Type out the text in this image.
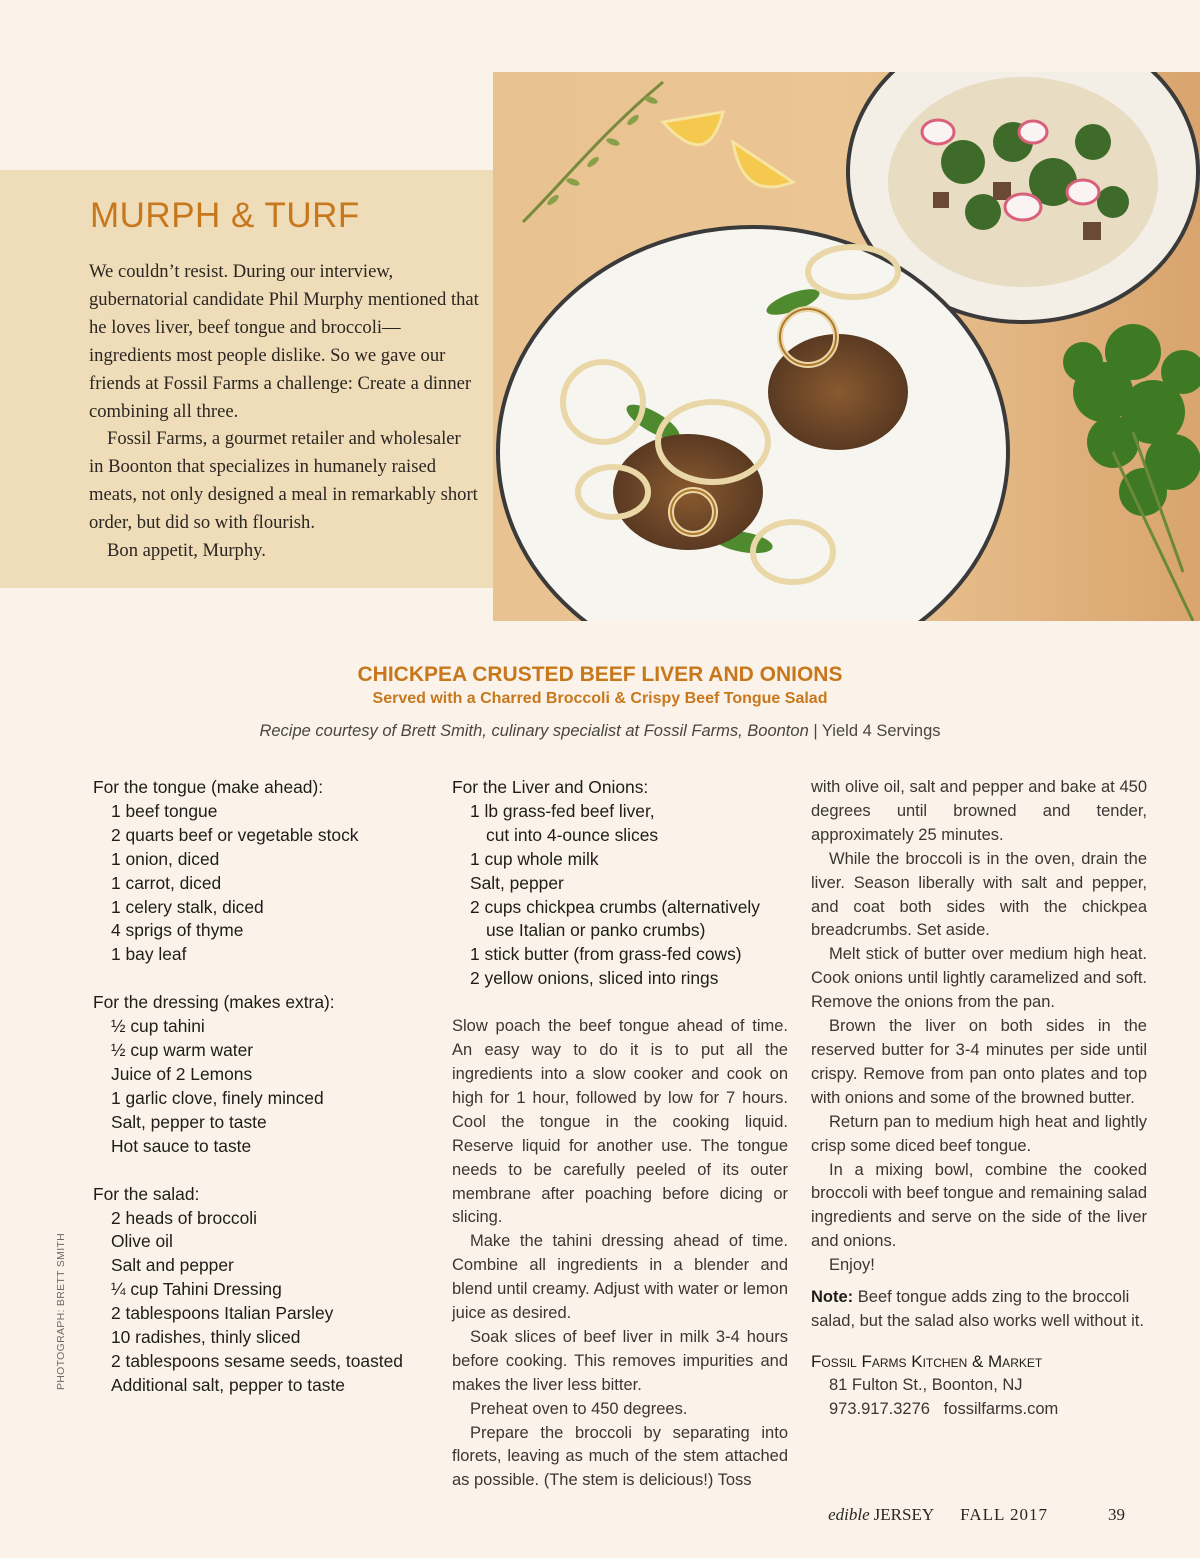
MURPH & TURF

We couldn’t resist. During our interview, gubernatorial candidate Phil Murphy mentioned that he loves liver, beef tongue and broccoli— ingredients most people dislike. So we gave our friends at Fossil Farms a challenge: Create a dinner combining all three.

Fossil Farms, a gourmet retailer and wholesaler in Boonton that specializes in humanely raised meats, not only designed a meal in remarkably short order, but did so with flourish.

Bon appetit, Murphy.

CHICKPEA CRUSTED BEEF LIVER AND ONIONS
Served with a Charred Broccoli & Crispy Beef Tongue Salad
Recipe courtesy of Brett Smith, culinary specialist at Fossil Farms, Boonton | Yield 4 Servings

For the tongue (make ahead):

1 beef tongue

2 quarts beef or vegetable stock

1 onion, diced

1 carrot, diced

1 celery stalk, diced

4 sprigs of thyme

1 bay leaf

For the dressing (makes extra):

½ cup tahini

½ cup warm water

Juice of 2 Lemons

1 garlic clove, finely minced

Salt, pepper to taste

Hot sauce to taste

For the salad:

2 heads of broccoli

Olive oil

Salt and pepper

¼ cup Tahini Dressing

2 tablespoons Italian Parsley

10 radishes, thinly sliced

2 tablespoons sesame seeds, toasted

Additional salt, pepper to taste

For the Liver and Onions:

1 lb grass-fed beef liver,

cut into 4-ounce slices

1 cup whole milk

Salt, pepper

2 cups chickpea crumbs (alternatively

use Italian or panko crumbs)

1 stick butter (from grass-fed cows)

2 yellow onions, sliced into rings

Slow poach the beef tongue ahead of time. An easy way to do it is to put all the ingredients into a slow cooker and cook on high for 1 hour, followed by low for 7 hours. Cool the tongue in the cooking liquid. Reserve liquid for another use. The tongue needs to be carefully peeled of its outer membrane after poaching before dicing or slicing.

Make the tahini dressing ahead of time. Combine all ingredients in a blender and blend until creamy. Adjust with water or lemon juice as desired.

Soak slices of beef liver in milk 3-4 hours before cooking. This removes impurities and makes the liver less bitter.

Preheat oven to 450 degrees.

Prepare the broccoli by separating into florets, leaving as much of the stem attached as possible. (The stem is delicious!) Toss

with olive oil, salt and pepper and bake at 450 degrees until browned and tender, approximately 25 minutes.

While the broccoli is in the oven, drain the liver. Season liberally with salt and pepper, and coat both sides with the chickpea breadcrumbs. Set aside.

Melt stick of butter over medium high heat. Cook onions until lightly caramelized and soft. Remove the onions from the pan.

Brown the liver on both sides in the reserved butter for 3-4 minutes per side until crispy. Remove from pan onto plates and top with onions and some of the browned butter.

Return pan to medium high heat and lightly crisp some diced beef tongue.

In a mixing bowl, combine the cooked broccoli with beef tongue and remaining salad ingredients and serve on the side of the liver and onions.

Enjoy!

Note: Beef tongue adds zing to the broccoli salad, but the salad also works well without it.

Fossil Farms Kitchen & Market

81 Fulton St., Boonton, NJ

973.917.3276   fossilfarms.com

PHOTOGRAPH: BRETT SMITH
edible JERSEY FALL 2017	39
